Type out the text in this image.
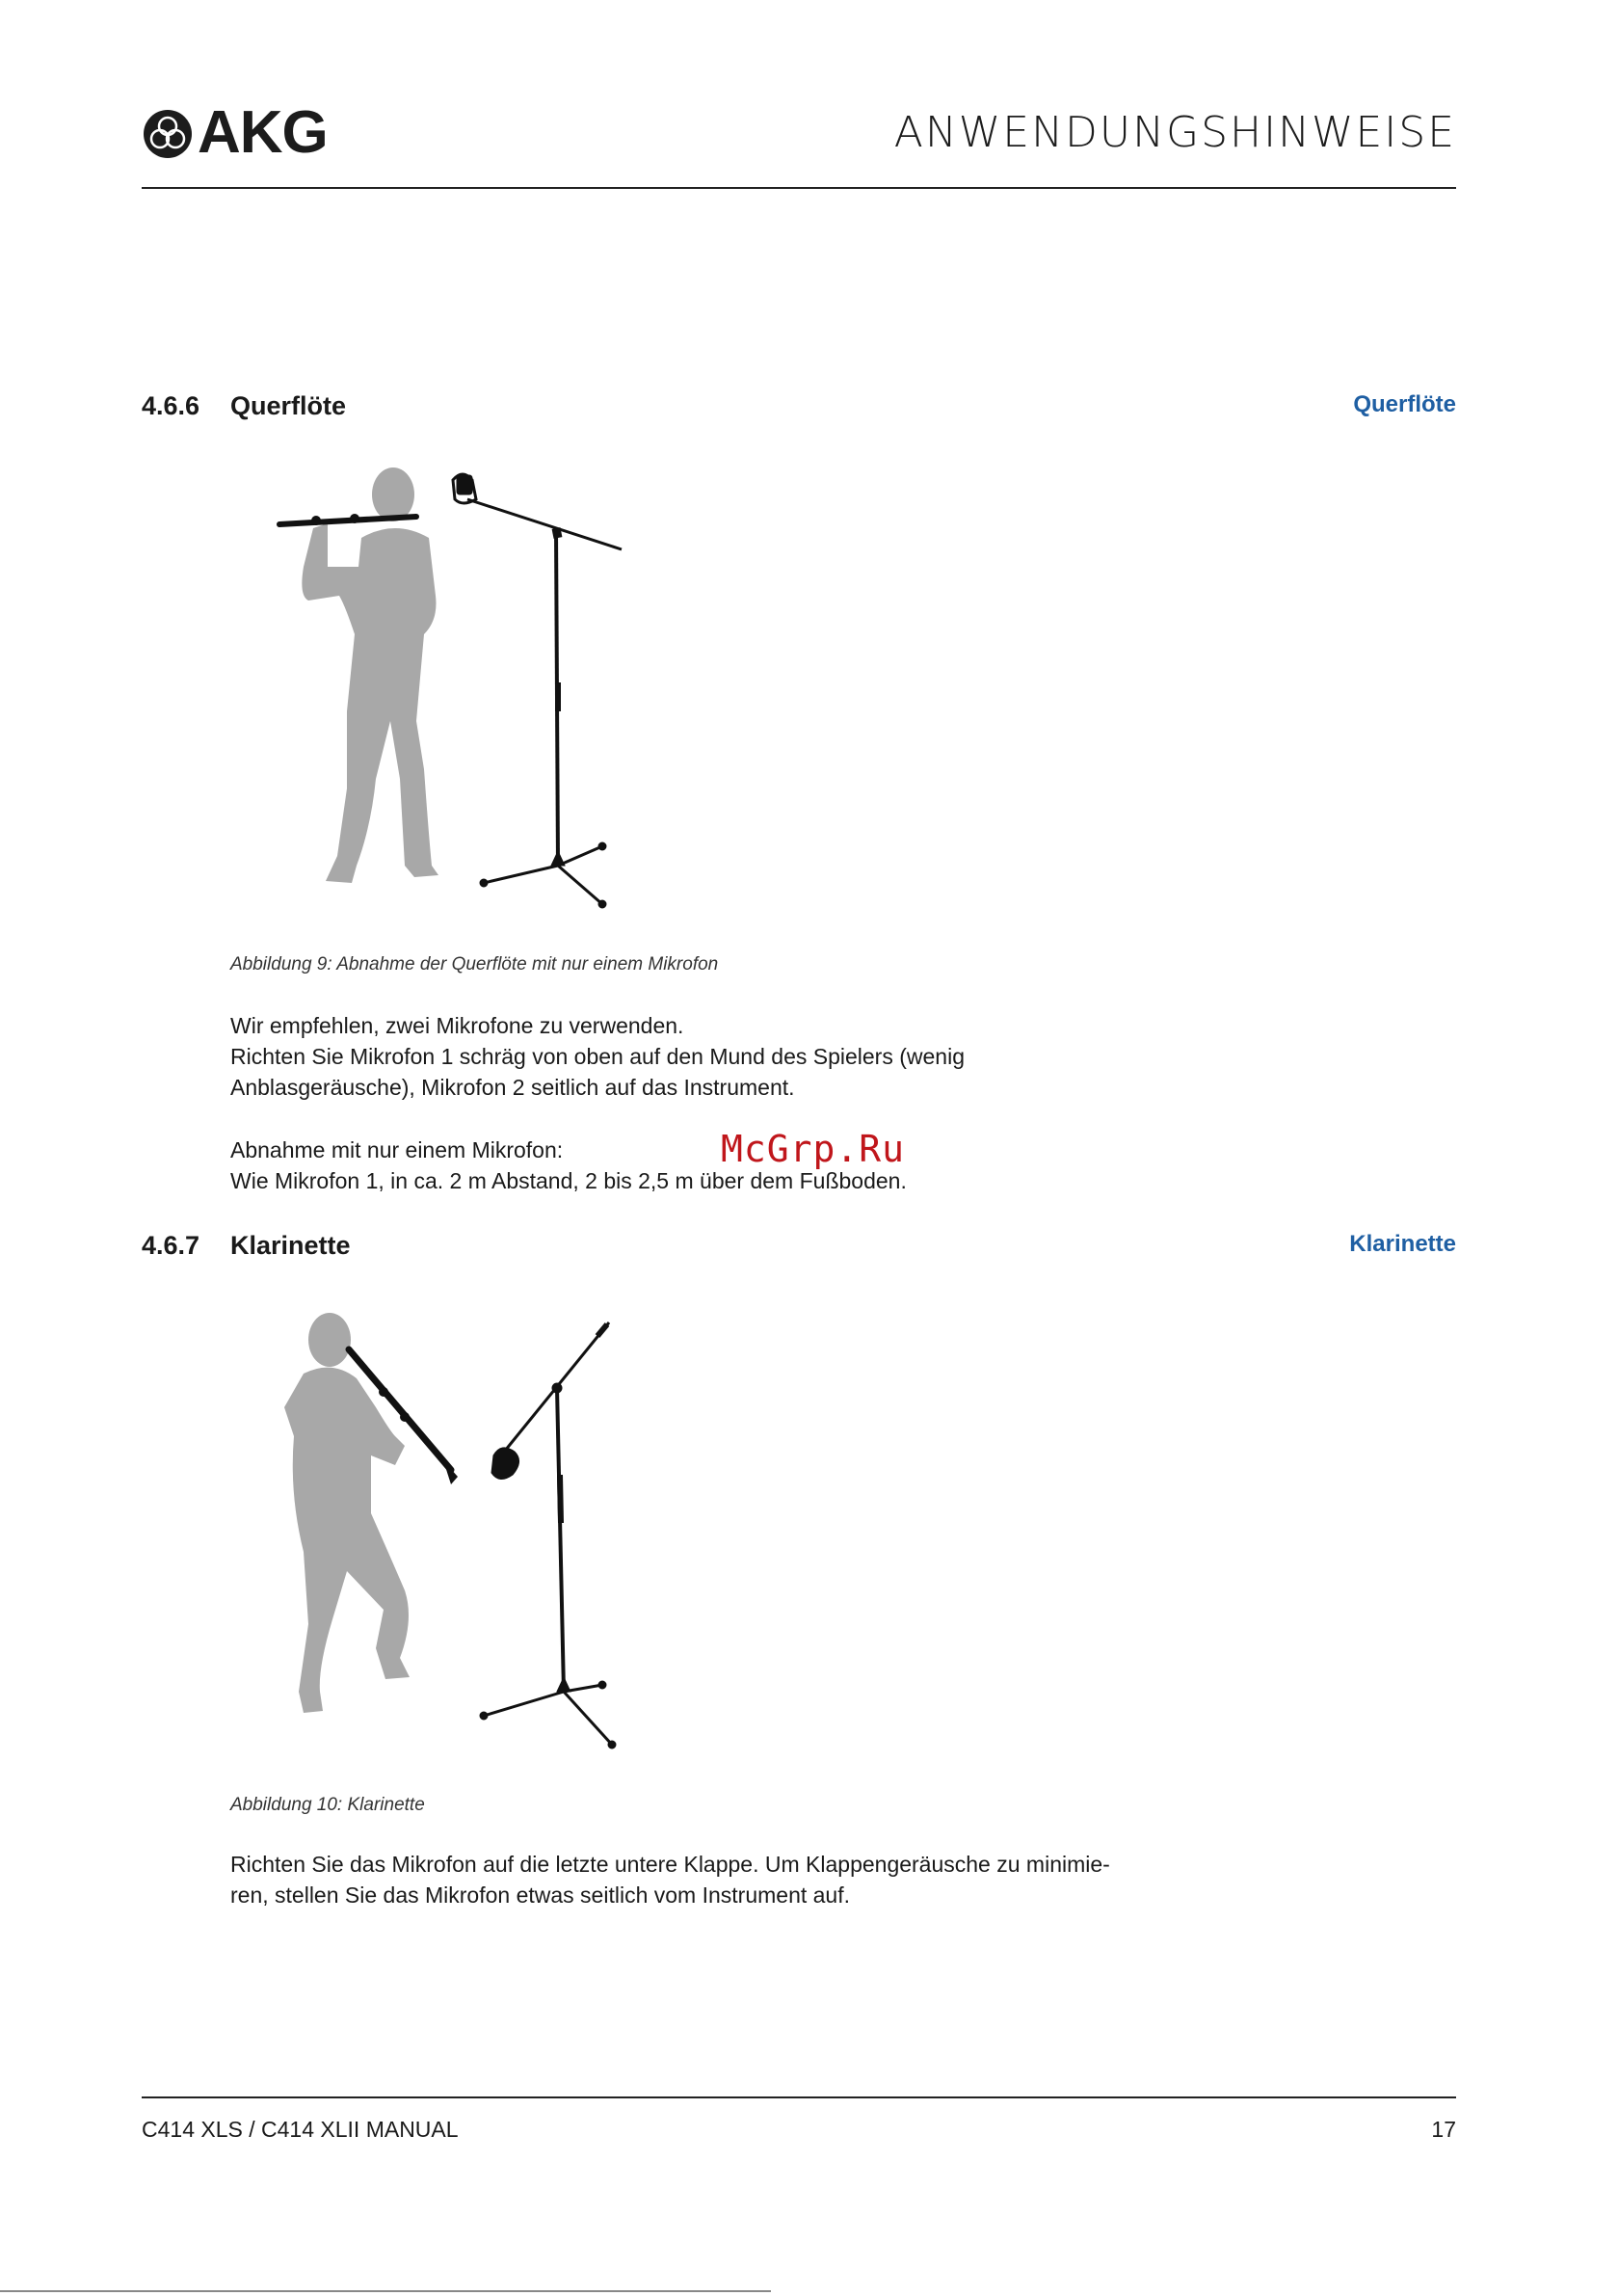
AKG	ANWENDUNGSHINWEISE
4.6.6 Querflöte	Querflöte
Abbildung 9: Abnahme der Querflöte mit nur einem Mikrofon
Wir empfehlen, zwei Mikrofone zu verwenden.
Richten Sie Mikrofon 1 schräg von oben auf den Mund des Spielers (wenig
Anblasgeräusche), Mikrofon 2 seitlich auf das Instrument.
Abnahme mit nur einem Mikrofon:
Wie Mikrofon 1, in ca. 2 m Abstand, 2 bis 2,5 m über dem Fußboden.
McGrp.Ru
4.6.7 Klarinette	Klarinette
Abbildung 10: Klarinette
Richten Sie das Mikrofon auf die letzte untere Klappe. Um Klappengeräusche zu minimie-
ren, stellen Sie das Mikrofon etwas seitlich vom Instrument auf.
C414 XLS / C414 XLII MANUAL	17
